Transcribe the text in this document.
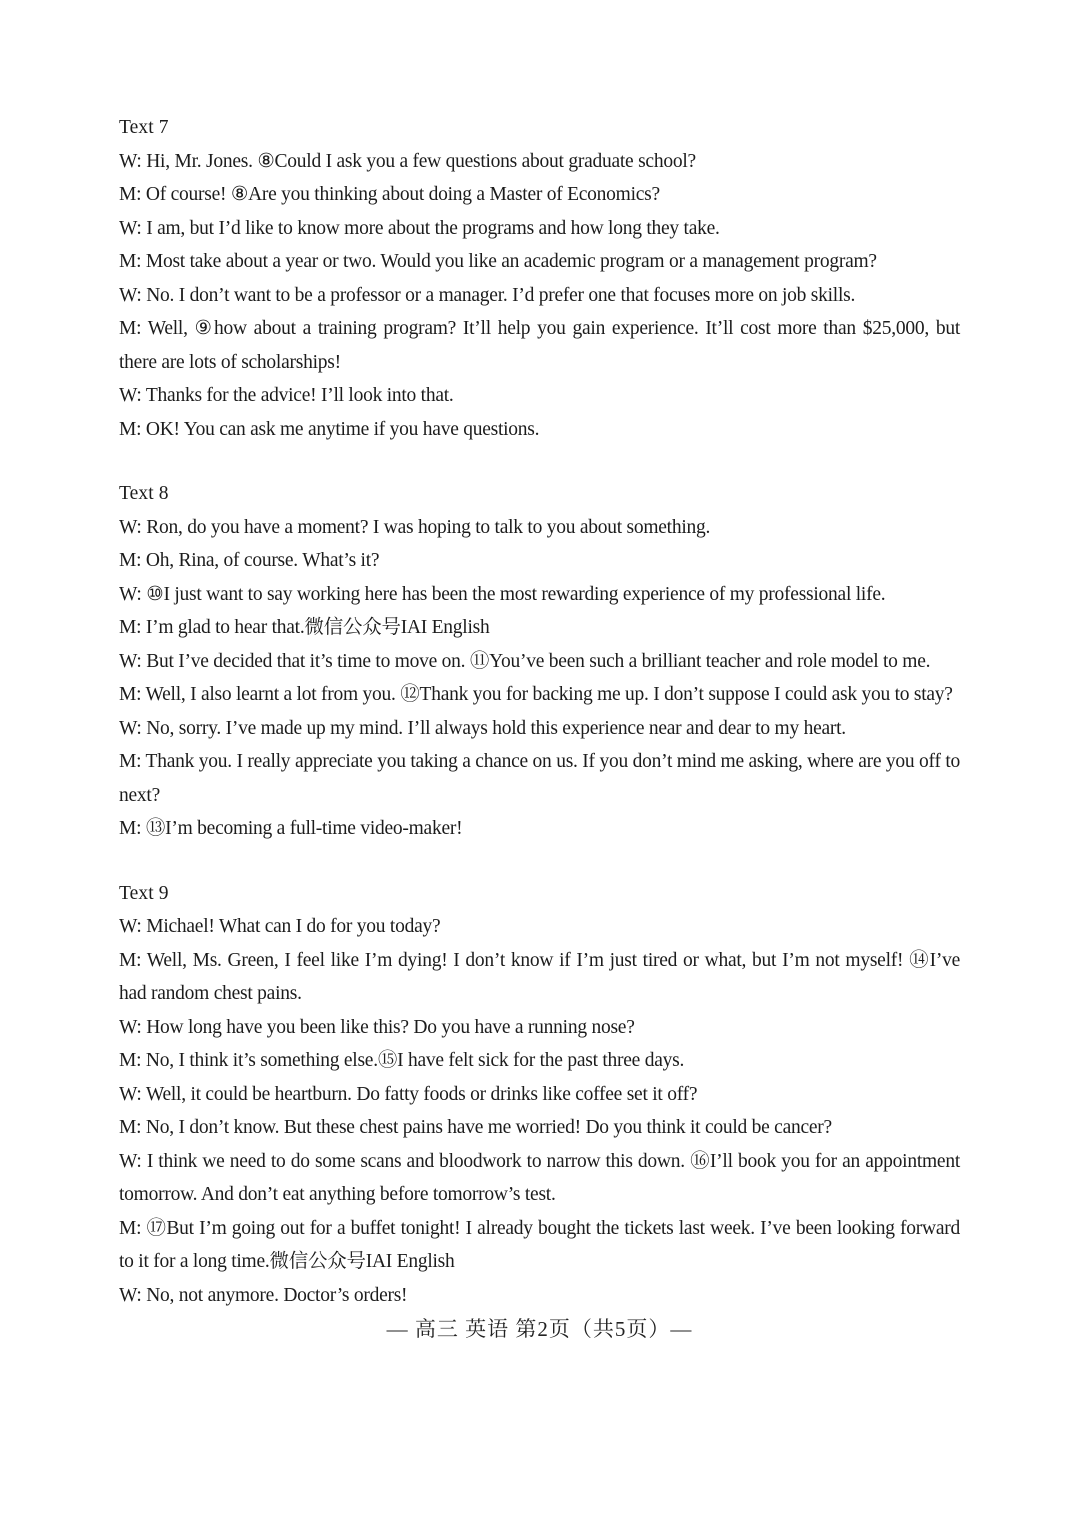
Text 7

W: Hi, Mr. Jones. ⑧Could I ask you a few questions about graduate school?

M: Of course! ⑧Are you thinking about doing a Master of Economics?

W: I am, but I’d like to know more about the programs and how long they take.

M: Most take about a year or two. Would you like an academic program or a management program?

W: No. I don’t want to be a professor or a manager. I’d prefer one that focuses more on job skills.

M: Well, ⑨how about a training program? It’ll help you gain experience. It’ll cost more than $25,000, but there are lots of scholarships!

W: Thanks for the advice! I’ll look into that.

M: OK! You can ask me anytime if you have questions.

Text 8

W: Ron, do you have a moment? I was hoping to talk to you about something.

M: Oh, Rina, of course. What’s it?

W: ⑩I just want to say working here has been the most rewarding experience of my professional life.

M: I’m glad to hear that.微信公众号IAI English

W: But I’ve decided that it’s time to move on. ⑪You’ve been such a brilliant teacher and role model to me.

M: Well, I also learnt a lot from you. ⑫Thank you for backing me up. I don’t suppose I could ask you to stay?

W: No, sorry. I’ve made up my mind. I’ll always hold this experience near and dear to my heart.

M: Thank you. I really appreciate you taking a chance on us. If you don’t mind me asking, where are you off to next?

M: ⑬I’m becoming a full-time video-maker!

Text 9

W: Michael! What can I do for you today?

M: Well, Ms. Green, I feel like I’m dying! I don’t know if I’m just tired or what, but I’m not myself! ⑭I’ve had random chest pains.

W: How long have you been like this? Do you have a running nose?

M: No, I think it’s something else.⑮I have felt sick for the past three days.

W: Well, it could be heartburn. Do fatty foods or drinks like coffee set it off?

M: No, I don’t know. But these chest pains have me worried! Do you think it could be cancer?

W: I think we need to do some scans and bloodwork to narrow this down. ⑯I’ll book you for an appointment tomorrow. And don’t eat anything before tomorrow’s test.

M: ⑰But I’m going out for a buffet tonight! I already bought the tickets last week. I’ve been looking forward to it for a long time.微信公众号IAI English

W: No, not anymore. Doctor’s orders!

— 高三 英语 第2页（共5页）—
